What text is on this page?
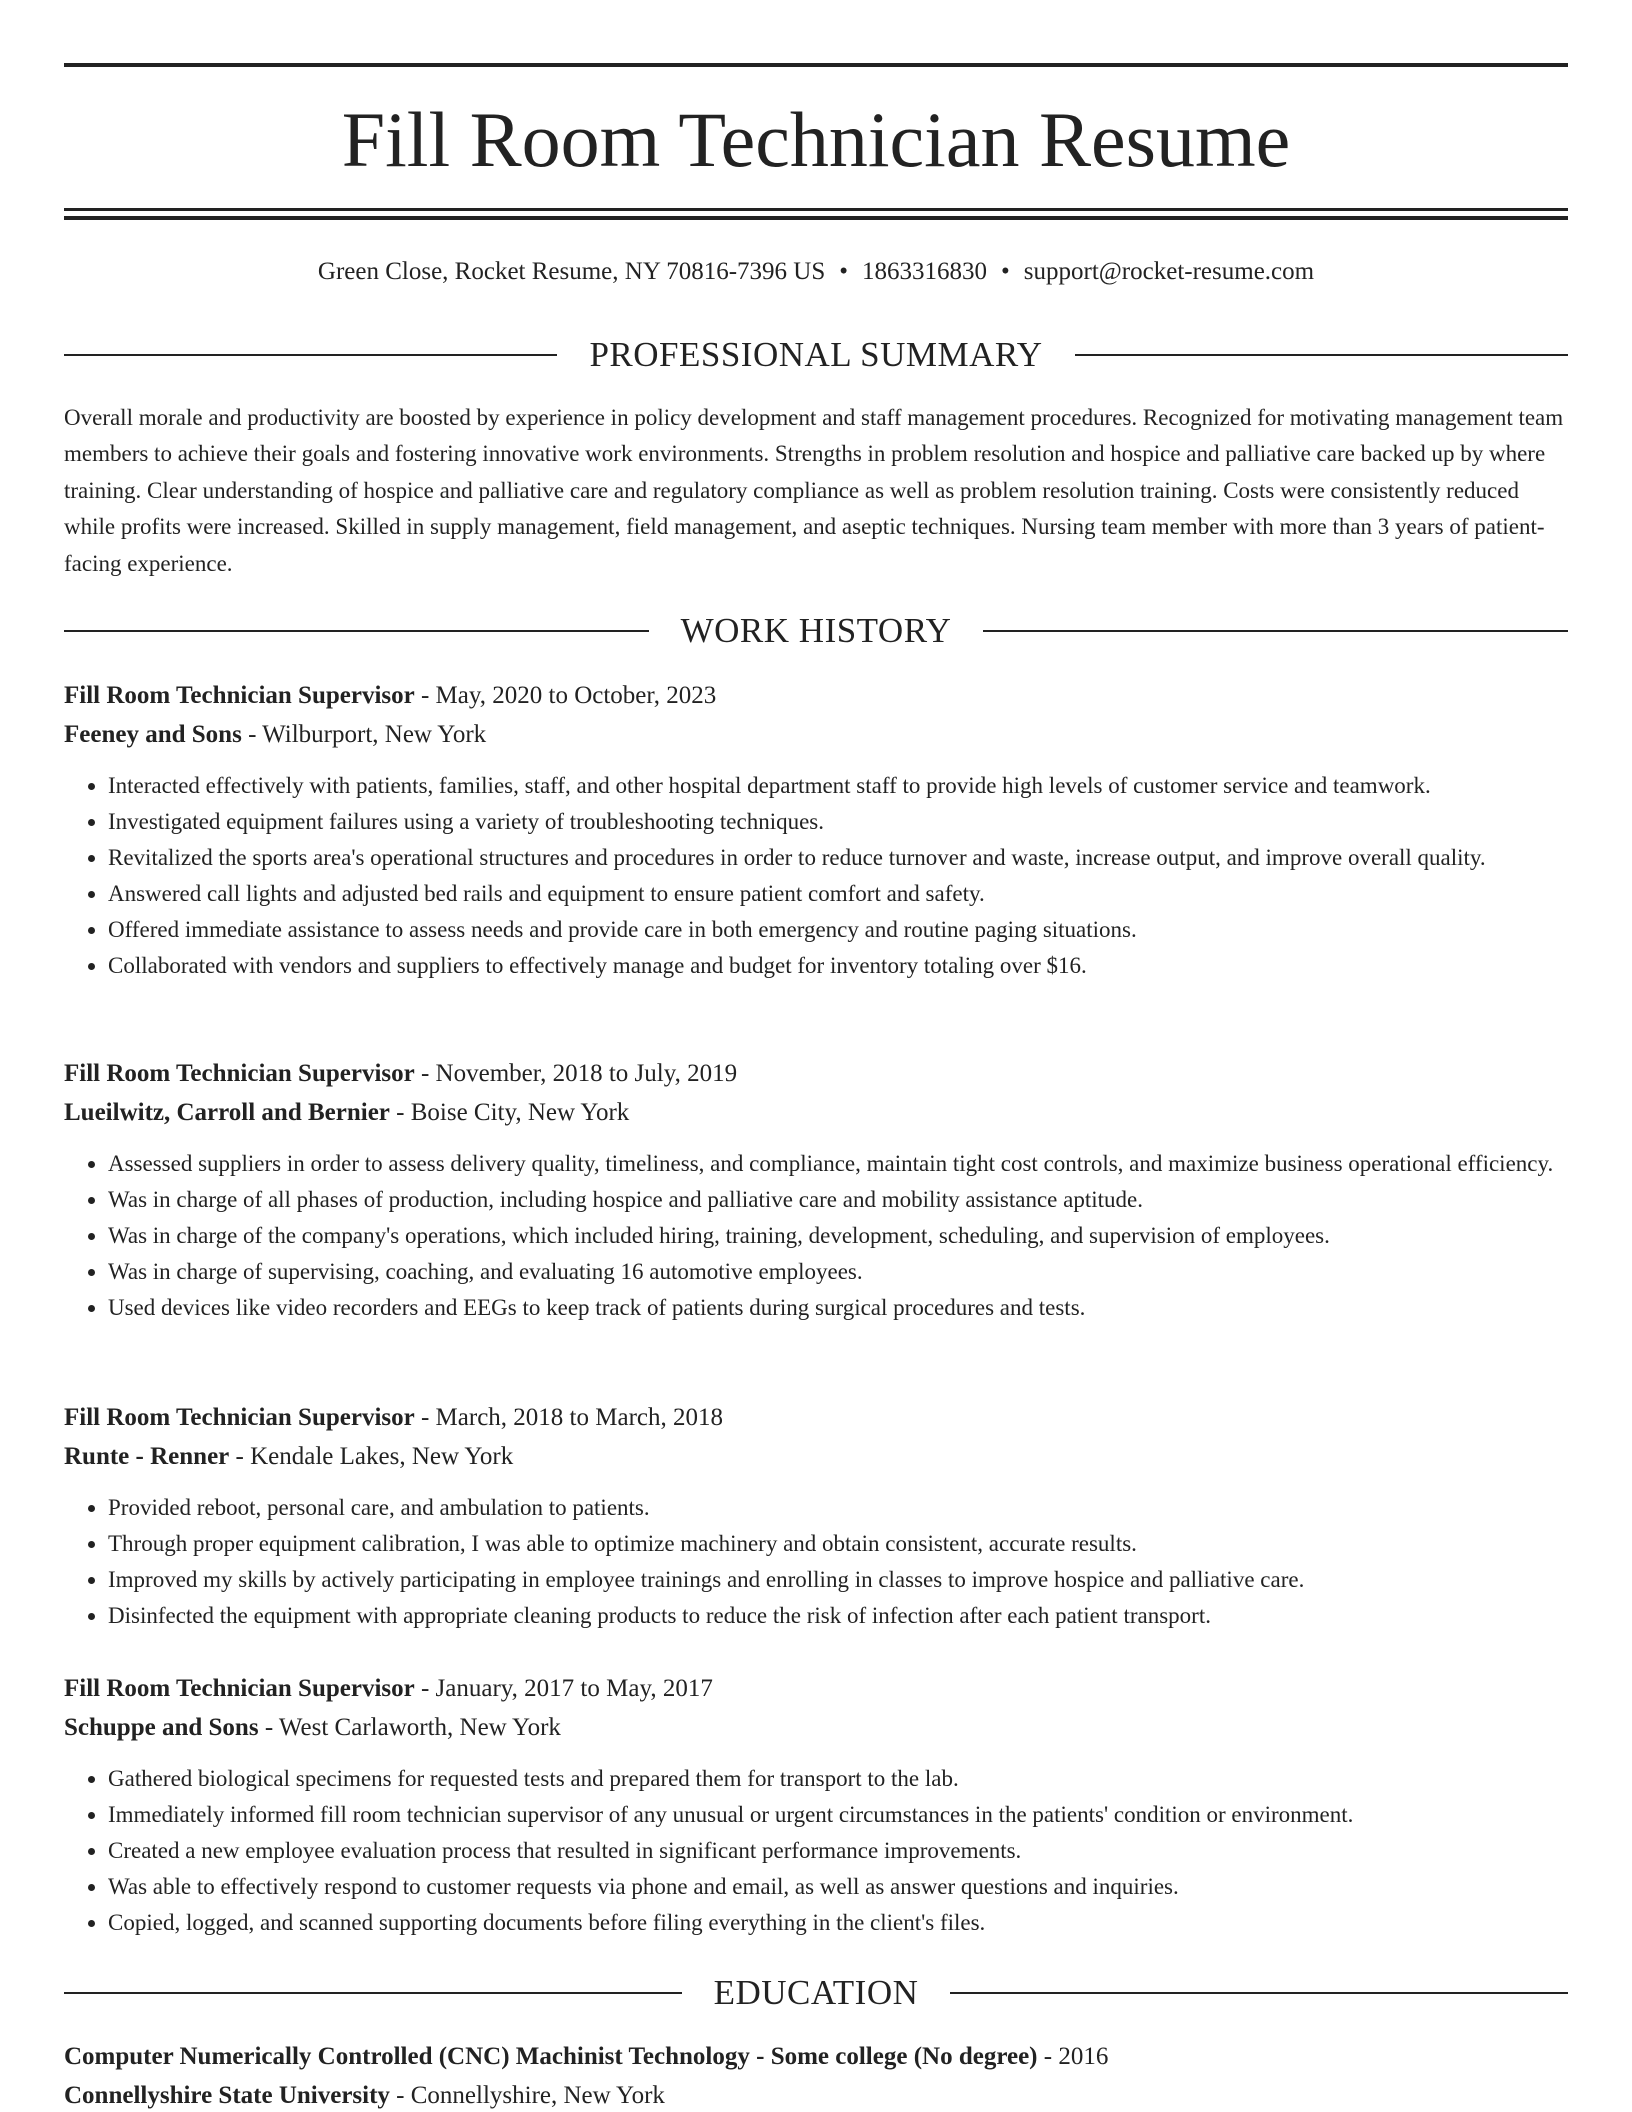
Fill Room Technician Resume
Green Close, Rocket Resume, NY 70816-7396 US • 1863316830 • support@rocket-resume.com
PROFESSIONAL SUMMARY

Overall morale and productivity are boosted by experience in policy development and staff management procedures. Recognized for motivating management team members to achieve their goals and fostering innovative work environments. Strengths in problem resolution and hospice and palliative care backed up by where training. Clear understanding of hospice and palliative care and regulatory compliance as well as problem resolution training. Costs were consistently reduced while profits were increased. Skilled in supply management, field management, and aseptic techniques. Nursing team member with more than 3 years of patient-facing experience.

WORK HISTORY
Fill Room Technician Supervisor - May, 2020 to October, 2023
Feeney and Sons - Wilburport, New York
• Interacted effectively with patients, families, staff, and other hospital department staff to provide high levels of customer service and teamwork.
• Investigated equipment failures using a variety of troubleshooting techniques.
• Revitalized the sports area's operational structures and procedures in order to reduce turnover and waste, increase output, and improve overall quality.
• Answered call lights and adjusted bed rails and equipment to ensure patient comfort and safety.
• Offered immediate assistance to assess needs and provide care in both emergency and routine paging situations.
• Collaborated with vendors and suppliers to effectively manage and budget for inventory totaling over $16.
Fill Room Technician Supervisor - November, 2018 to July, 2019
Lueilwitz, Carroll and Bernier - Boise City, New York
• Assessed suppliers in order to assess delivery quality, timeliness, and compliance, maintain tight cost controls, and maximize business operational efficiency.
• Was in charge of all phases of production, including hospice and palliative care and mobility assistance aptitude.
• Was in charge of the company's operations, which included hiring, training, development, scheduling, and supervision of employees.
• Was in charge of supervising, coaching, and evaluating 16 automotive employees.
• Used devices like video recorders and EEGs to keep track of patients during surgical procedures and tests.
Fill Room Technician Supervisor - March, 2018 to March, 2018
Runte - Renner - Kendale Lakes, New York
• Provided reboot, personal care, and ambulation to patients.
• Through proper equipment calibration, I was able to optimize machinery and obtain consistent, accurate results.
• Improved my skills by actively participating in employee trainings and enrolling in classes to improve hospice and palliative care.
• Disinfected the equipment with appropriate cleaning products to reduce the risk of infection after each patient transport.
Fill Room Technician Supervisor - January, 2017 to May, 2017
Schuppe and Sons - West Carlaworth, New York
• Gathered biological specimens for requested tests and prepared them for transport to the lab.
• Immediately informed fill room technician supervisor of any unusual or urgent circumstances in the patients' condition or environment.
• Created a new employee evaluation process that resulted in significant performance improvements.
• Was able to effectively respond to customer requests via phone and email, as well as answer questions and inquiries.
• Copied, logged, and scanned supporting documents before filing everything in the client's files.
EDUCATION
Computer Numerically Controlled (CNC) Machinist Technology - Some college (No degree) - 2016
Connellyshire State University - Connellyshire, New York
